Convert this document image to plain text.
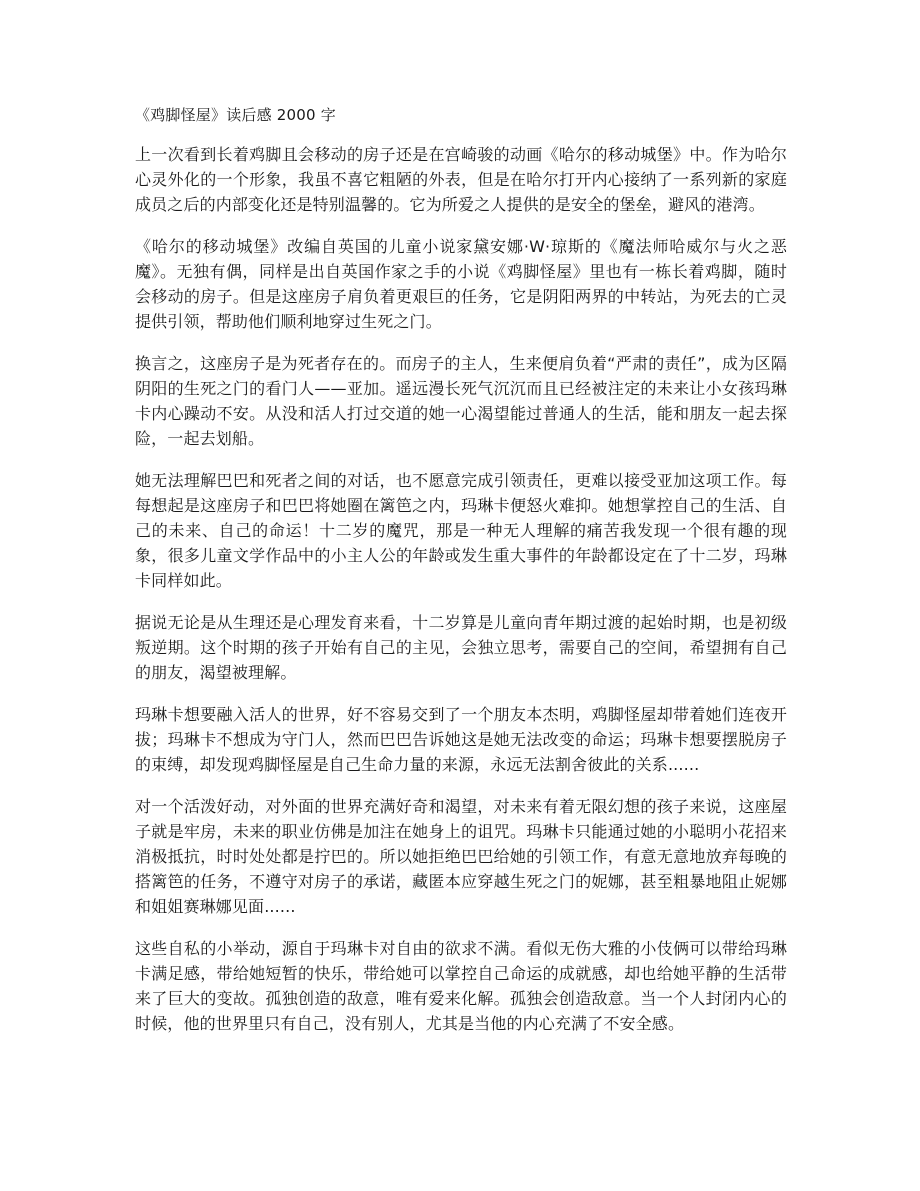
《鸡脚怪屋》读后感 2000 字

上一次看到长着鸡脚且会移动的房子还是在宫崎骏的动画《哈尔的移动城堡》中。作为哈尔心灵外化的一个形象，我虽不喜它粗陋的外表，但是在哈尔打开内心接纳了一系列新的家庭成员之后的内部变化还是特别温馨的。它为所爱之人提供的是安全的堡垒，避风的港湾。

《哈尔的移动城堡》改编自英国的儿童小说家黛安娜·W·琼斯的《魔法师哈威尔与火之恶魔》。无独有偶，同样是出自英国作家之手的小说《鸡脚怪屋》里也有一栋长着鸡脚，随时会移动的房子。但是这座房子肩负着更艰巨的任务，它是阴阳两界的中转站，为死去的亡灵提供引领，帮助他们顺利地穿过生死之门。

换言之，这座房子是为死者存在的。而房子的主人，生来便肩负着“严肃的责任”，成为区隔阴阳的生死之门的看门人——亚加。遥远漫长死气沉沉而且已经被注定的未来让小女孩玛琳卡内心躁动不安。从没和活人打过交道的她一心渴望能过普通人的生活，能和朋友一起去探险，一起去划船。

她无法理解巴巴和死者之间的对话，也不愿意完成引领责任，更难以接受亚加这项工作。每每想起是这座房子和巴巴将她圈在篱笆之内，玛琳卡便怒火难抑。她想掌控自己的生活、自己的未来、自己的命运！十二岁的魔咒，那是一种无人理解的痛苦我发现一个很有趣的现象，很多儿童文学作品中的小主人公的年龄或发生重大事件的年龄都设定在了十二岁，玛琳卡同样如此。

据说无论是从生理还是心理发育来看，十二岁算是儿童向青年期过渡的起始时期，也是初级叛逆期。这个时期的孩子开始有自己的主见，会独立思考，需要自己的空间，希望拥有自己的朋友，渴望被理解。

玛琳卡想要融入活人的世界，好不容易交到了一个朋友本杰明，鸡脚怪屋却带着她们连夜开拔；玛琳卡不想成为守门人，然而巴巴告诉她这是她无法改变的命运；玛琳卡想要摆脱房子的束缚，却发现鸡脚怪屋是自己生命力量的来源，永远无法割舍彼此的关系......

对一个活泼好动，对外面的世界充满好奇和渴望，对未来有着无限幻想的孩子来说，这座屋子就是牢房，未来的职业仿佛是加注在她身上的诅咒。玛琳卡只能通过她的小聪明小花招来消极抵抗，时时处处都是拧巴的。所以她拒绝巴巴给她的引领工作，有意无意地放弃每晚的搭篱笆的任务，不遵守对房子的承诺，藏匿本应穿越生死之门的妮娜，甚至粗暴地阻止妮娜和姐姐赛琳娜见面......

这些自私的小举动，源自于玛琳卡对自由的欲求不满。看似无伤大雅的小伎俩可以带给玛琳卡满足感，带给她短暂的快乐，带给她可以掌控自己命运的成就感，却也给她平静的生活带来了巨大的变故。孤独创造的敌意，唯有爱来化解。孤独会创造敌意。当一个人封闭内心的时候，他的世界里只有自己，没有别人，尤其是当他的内心充满了不安全感。
